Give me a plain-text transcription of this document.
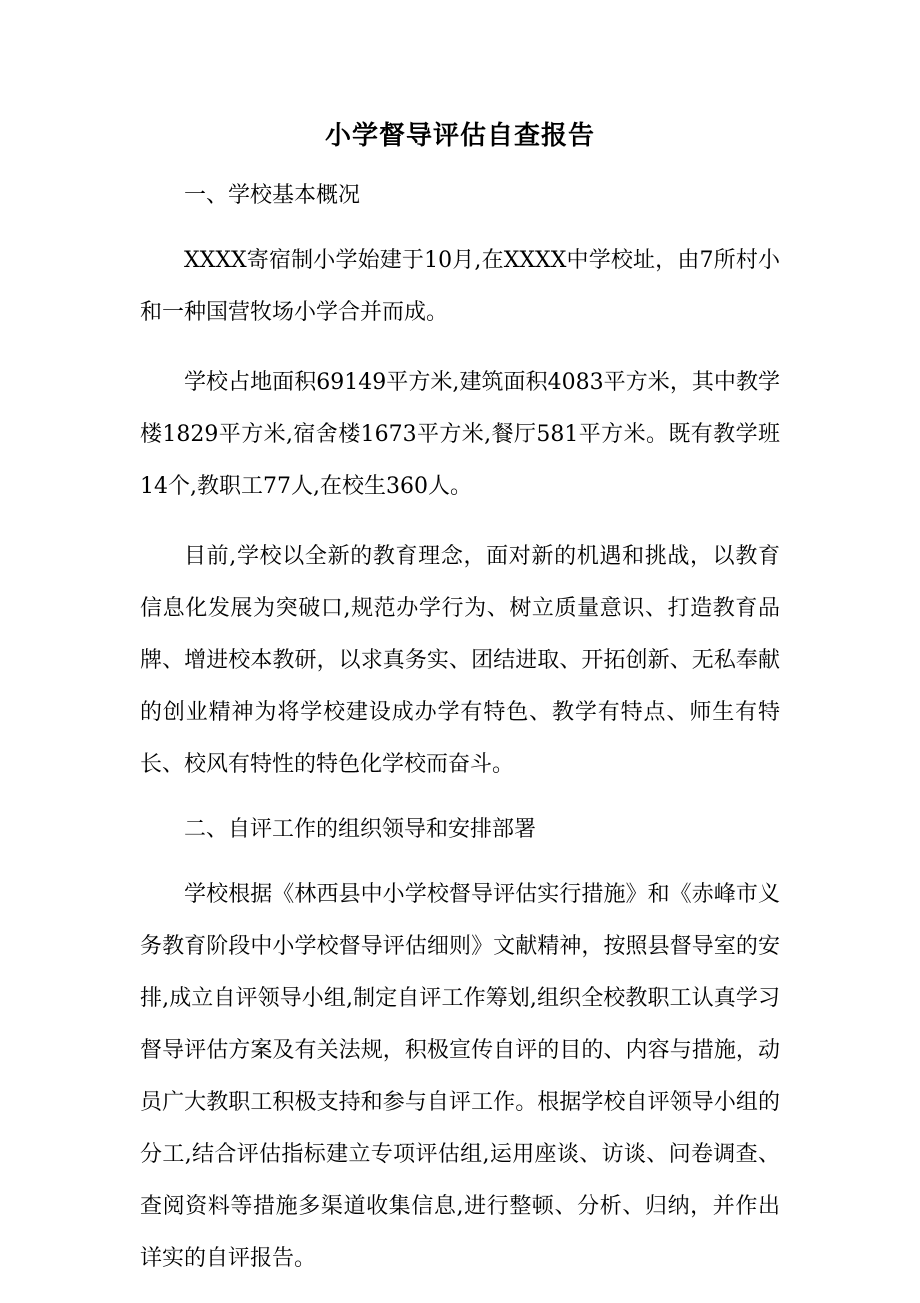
小学督导评估自查报告
一、学校基本概况

XXXX寄宿制小学始建于10月,在XXXX中学校址，由7所村小和一种国营牧场小学合并而成。

学校占地面积69149平方米,建筑面积4083平方米，其中教学楼1829平方米,宿舍楼1673平方米,餐厅581平方米。既有教学班14个,教职工77人,在校生360人。

目前,学校以全新的教育理念，面对新的机遇和挑战，以教育信息化发展为突破口,规范办学行为、树立质量意识、打造教育品牌、增进校本教研，以求真务实、团结进取、开拓创新、无私奉献的创业精神为将学校建设成办学有特色、教学有特点、师生有特长、校风有特性的特色化学校而奋斗。

二、自评工作的组织领导和安排部署

学校根据《林西县中小学校督导评估实行措施》和《赤峰市义务教育阶段中小学校督导评估细则》文献精神，按照县督导室的安排,成立自评领导小组,制定自评工作筹划,组织全校教职工认真学习督导评估方案及有关法规，积极宣传自评的目的、内容与措施，动员广大教职工积极支持和参与自评工作。根据学校自评领导小组的分工,结合评估指标建立专项评估组,运用座谈、访谈、问卷调查、查阅资料等措施多渠道收集信息,进行整顿、分析、归纳，并作出详实的自评报告。
